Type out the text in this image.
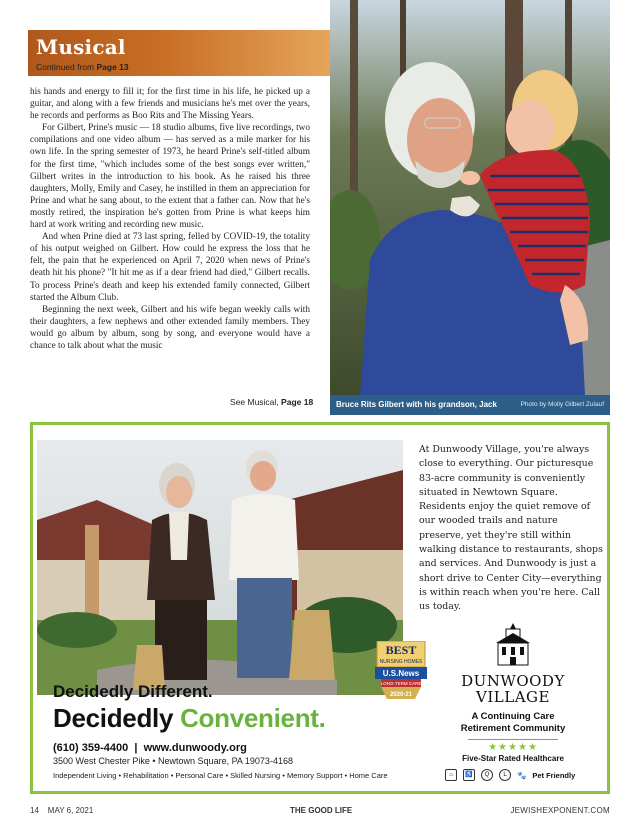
Musical
Continued from Page 13

his hands and energy to fill it; for the first time in his life, he picked up a guitar, and along with a few friends and musicians he's met over the years, he records and performs as Boo Rits and The Missing Years.

For Gilbert, Prine's music — 18 studio albums, five live recordings, two compilations and one video album — has served as a mile marker for his own life. In the spring semester of 1973, he heard Prine's self-titled album for the first time, "which includes some of the best songs ever written," Gilbert writes in the introduction to his book. As he raised his three daughters, Molly, Emily and Casey, he instilled in them an appreciation for Prine and what he sang about, to the extent that a father can. Now that he's mostly retired, the inspiration he's gotten from Prine is what keeps him hard at work writing and recording new music.

And when Prine died at 73 last spring, felled by COVID-19, the totality of his output weighed on Gilbert. How could he express the loss that he felt, the pain that he experienced on April 7, 2020 when news of Prine's death hit his phone? "It hit me as if a dear friend had died," Gilbert recalls. To process Prine's death and keep his extended family connected, Gilbert started the Album Club.

Beginning the next week, Gilbert and his wife began weekly calls with their daughters, a few nephews and other extended family members. They would go album by album, song by song, and everyone would have a chance to talk about what the music

See Musical, Page 18	Bruce Rits Gilbert with his grandson, Jack	Photo by Molly Gilbert Zulauf
At Dunwoody Village, you're always close to everything. Our picturesque 83-acre community is conveniently situated in Newtown Square. Residents enjoy the quiet remove of our wooded trails and nature preserve, yet they're still within walking distance to restaurants, shops and services. And Dunwoody is just a short drive to Center City—everything is within reach when you're here. Call us today.
BEST
NURSING HOMES
U.S.News
LONG-TERM CARE
2020-21
Decidedly Different.
Decidedly Convenient.
(610) 359-4400 | www.dunwoody.org
3500 West Chester Pike • Newtown Square, PA 19073-4168
Independent Living • Rehabilitation • Personal Care • Skilled Nursing • Memory Support • Home Care
DUNWOODY
VILLAGE
A Continuing Care
Retirement Community
★★★★★
Five-Star Rated Healthcare
⌂	♿	Q	L	🐾 Pet Friendly
14 MAY 6, 2021	THE GOOD LIFE	JEWISHEXPONENT.COM
